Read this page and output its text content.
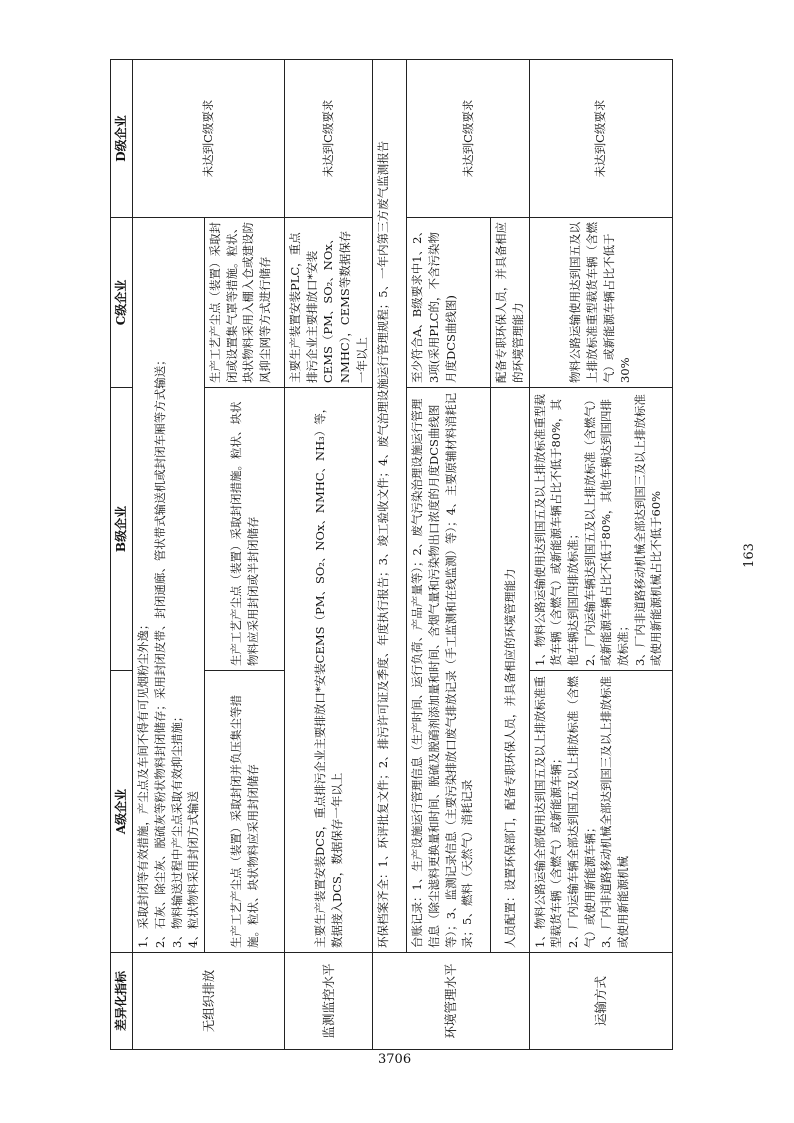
3706
163
差异化指标	A级企业	B级企业	C级企业	D级企业
无组织排放	1、采取封闭等有效措施，产尘点及车间不得有可见烟粉尘外逸； 2、石灰、除尘灰、脱硫灰等粉状物料封闭储存；采用封闭皮带、封闭通廊、管状带式输送机或封闭车厢等方式输送； 3、物料输送过程中产尘点采取有效抑尘措施； 4、粒状物料采用封闭方式输送			未达到C级要求
	生产工艺产尘点（装置）采取封闭并负压集尘等措施。粒状、块状物料应采用封闭储存	生产工艺产尘点（装置）采取封闭措施。粒状、块状物料应采用封闭或半封闭储存	生产工艺产尘点（装置）采取封闭或设置集气罩等措施。粒状、块状物料采用入棚入仓或建设防风抑尘网等方式进行储存	
监测监控水平	主要生产装置安装DCS，重点排污企业主要排放口*安装CEMS（PM、SO₂、NOx、NMHC、NH₃）等，数据接入DCS，数据保存一年以上		主要生产装置安装PLC，重点排污企业主要排放口*安装CEMS（PM、SO₂、NOx、NMHC），CEMS等数据保存一年以上	未达到C级要求
环境管理水平	环保档案齐全：1、环评批复文件；2、排污许可证及季度、年度执行报告；3、竣工验收文件；4、废气治理设施运行管理规程；5、一年内第三方废气监测报告			
	台账记录：1、生产设施运行管理信息（生产时间、运行负荷、产品产量等）；2、废气污染治理设施运行管理信息（除尘滤料更换量和时间、脱硫及脱硝剂添加量和时间、含烟气量和污染物出口浓度的月度DCS曲线图等）；3、监测记录信息（主要污染排放口废气排放记录（手工监测和在线监测）等）；4、主要原辅材料消耗记录；5、燃料（天然气）消耗记录		至少符合A、B级要求中1、2、3项(采用PLC的，不含污染物月度DCS曲线图)	未达到C级要求
	人员配置：设置环保部门，配备专职环保人员，并具备相应的环境管理能力		配备专职环保人员，并具备相应的环境管理能力	
运输方式	1、物料公路运输全部使用达到国五及以上排放标准重型载货车辆（含燃气）或新能源车辆； 2、厂内运输车辆全部达到国五及以上排放标准（含燃气）或使用新能源车辆； 3、厂内非道路移动机械全部达到国三及以上排放标准或使用新能源机械	1、物料公路运输使用达到国五及以上排放标准重型载货车辆（含燃气）或新能源车辆占比不低于80%，其他车辆达到国四排放标准； 2、厂内运输车辆达到国五及以上排放标准（含燃气）或新能源车辆占比不低于80%，其他车辆达到国四排放标准； 3、厂内非道路移动机械全部达到国三及以上排放标准或使用新能源机械占比不低于60%	物料公路运输使用达到国五及以上排放标准重型载货车辆（含燃气）或新能源车辆占比不低于30%	未达到C级要求
